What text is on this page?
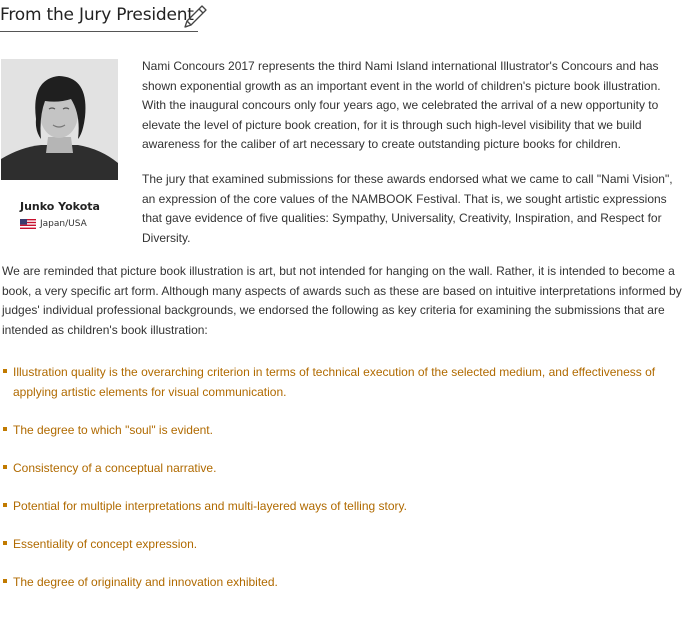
From the Jury President
Junko Yokota
Japan/USA

Nami Concours 2017 represents the third Nami Island international Illustrator's Concours and has shown exponential growth as an important event in the world of children's picture book illustration. With the inaugural concours only four years ago, we celebrated the arrival of a new opportunity to elevate the level of picture book creation, for it is through such high-level visibility that we build awareness for the caliber of art necessary to create outstanding picture books for children.

The jury that examined submissions for these awards endorsed what we came to call "Nami Vision", an expression of the core values of the NAMBOOK Festival. That is, we sought artistic expressions that gave evidence of five qualities: Sympathy, Universality, Creativity, Inspiration, and Respect for Diversity.

We are reminded that picture book illustration is art, but not intended for hanging on the wall. Rather, it is intended to become a book, a very specific art form. Although many aspects of awards such as these are based on intuitive interpretations informed by judges' individual professional backgrounds, we endorsed the following as key criteria for examining the submissions that are intended as children's book illustration:

Illustration quality is the overarching criterion in terms of technical execution of the selected medium, and effectiveness of applying artistic elements for visual communication.
The degree to which "soul" is evident.
Consistency of a conceptual narrative.
Potential for multiple interpretations and multi-layered ways of telling story.
Essentiality of concept expression.
The degree of originality and innovation exhibited.
